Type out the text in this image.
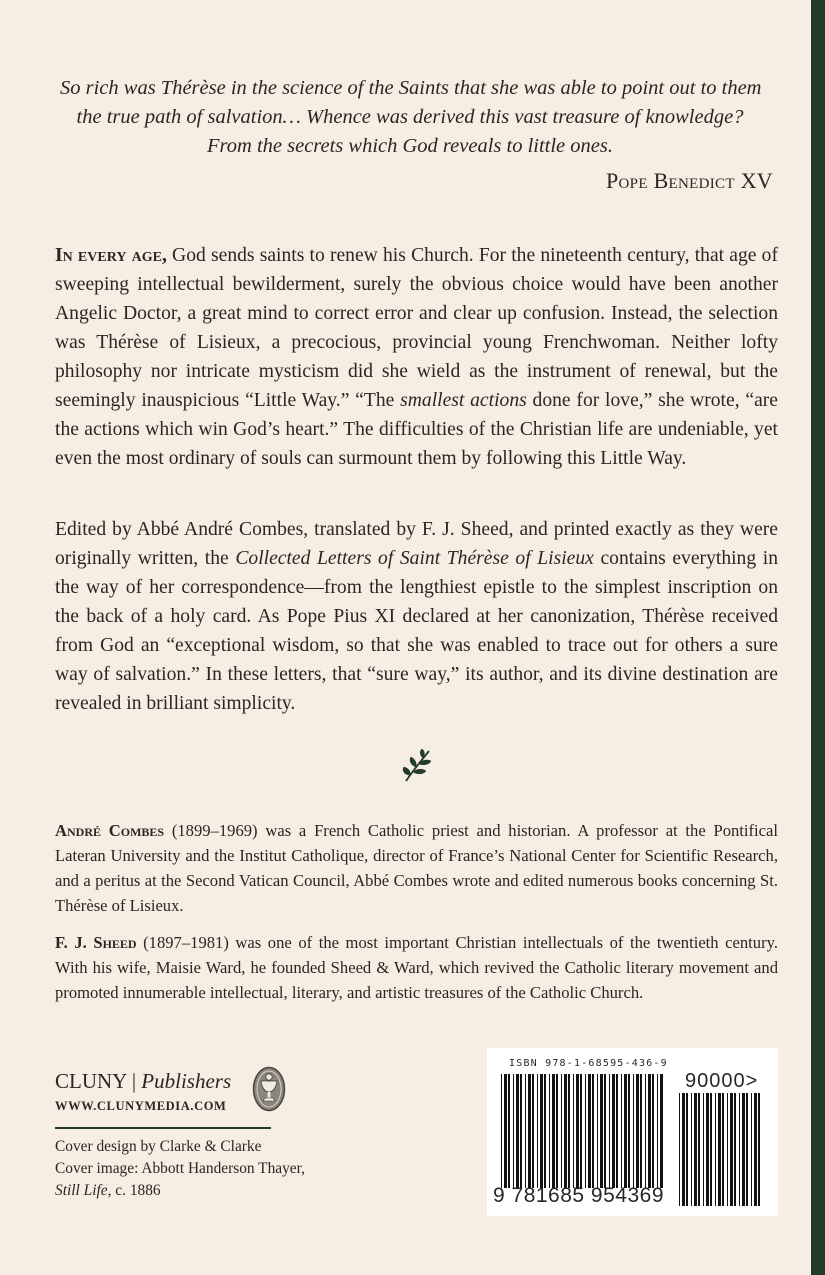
So rich was Thérèse in the science of the Saints that she was able to point out to them
the true path of salvation… Whence was derived this vast treasure of knowledge?
From the secrets which God reveals to little ones.
Pope Benedict XV

In every age, God sends saints to renew his Church. For the nineteenth century, that age of sweeping intellectual bewilderment, surely the obvious choice would have been another Angelic Doctor, a great mind to correct error and clear up confusion. Instead, the selection was Thérèse of Lisieux, a precocious, provincial young Frenchwoman. Neither lofty philosophy nor intricate mysticism did she wield as the instrument of renewal, but the seemingly inauspicious “Little Way.” “The smallest actions done for love,” she wrote, “are the actions which win God’s heart.” The difficulties of the Christian life are undeniable, yet even the most ordinary of souls can surmount them by following this Little Way.

Edited by Abbé André Combes, translated by F. J. Sheed, and printed exactly as they were originally written, the Collected Letters of Saint Thérèse of Lisieux contains everything in the way of her correspondence—from the lengthiest epistle to the simplest inscription on the back of a holy card. As Pope Pius XI declared at her canonization, Thérèse received from God an “exceptional wisdom, so that she was enabled to trace out for others a sure way of salvation.” In these letters, that “sure way,” its author, and its divine destination are revealed in brilliant simplicity.

André Combes (1899–1969) was a French Catholic priest and historian. A professor at the Pontifical Lateran University and the Institut Catholique, director of France’s National Center for Scientific Research, and a peritus at the Second Vatican Council, Abbé Combes wrote and edited numerous books concerning St. Thérèse of Lisieux.

F. J. Sheed (1897–1981) was one of the most important Christian intellectuals of the twentieth century. With his wife, Maisie Ward, he founded Sheed & Ward, which revived the Catholic literary movement and promoted innumerable intellectual, literary, and artistic treasures of the Catholic Church.

CLUNY | Publishers
WWW.CLUNYMEDIA.COM
Cover design by Clarke & Clarke
Cover image: Abbott Handerson Thayer,
Still Life, c. 1886
ISBN 978-1-68595-436-9
90000>
9 781685 954369
